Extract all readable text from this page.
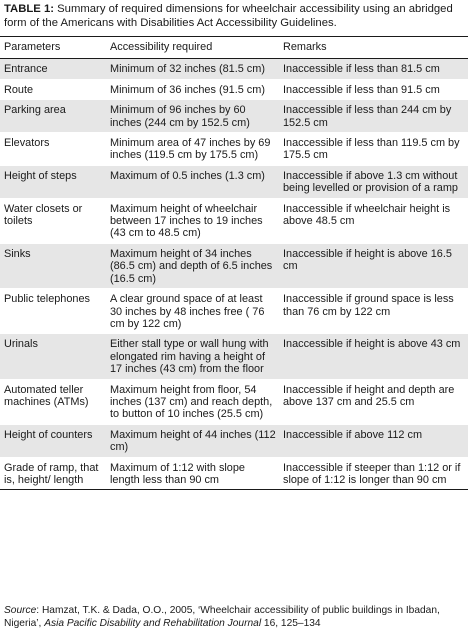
TABLE 1: Summary of required dimensions for wheelchair accessibility using an abridged form of the Americans with Disabilities Act Accessibility Guidelines.
Parameters	Accessibility required	Remarks
Entrance	Minimum of 32 inches (81.5 cm)	Inaccessible if less than 81.5 cm
Route	Minimum of 36 inches (91.5 cm)	Inaccessible if less than 91.5 cm
Parking area	Minimum of 96 inches by 60 inches (244 cm by 152.5 cm)	Inaccessible if less than 244 cm by 152.5 cm
Elevators	Minimum area of 47 inches by 69 inches (119.5 cm by 175.5 cm)	Inaccessible if less than 119.5 cm by 175.5 cm
Height of steps	Maximum of 0.5 inches (1.3 cm)	Inaccessible if above 1.3 cm without being levelled or provision of a ramp
Water closets or toilets	Maximum height of wheelchair between 17 inches to 19 inches (43 cm to 48.5 cm)	Inaccessible if wheelchair height is above 48.5 cm
Sinks	Maximum height of 34 inches (86.5 cm) and depth of 6.5 inches (16.5 cm)	Inaccessible if height is above 16.5 cm
Public telephones	A clear ground space of at least 30 inches by 48 inches free ( 76 cm by 122 cm)	Inaccessible if ground space is less than 76 cm by 122 cm
Urinals	Either stall type or wall hung with elongated rim having a height of 17 inches (43 cm) from the floor	Inaccessible if height is above 43 cm
Automated teller machines (ATMs)	Maximum height from floor, 54 inches (137 cm) and reach depth, to button of 10 inches (25.5 cm)	Inaccessible if height and depth are above 137 cm and 25.5 cm
Height of counters	Maximum height of 44 inches (112 cm)	Inaccessible if above 112 cm
Grade of ramp, that is, height/ length	Maximum of 1:12 with slope length less than 90 cm	Inaccessible if steeper than 1:12 or if slope of 1:12 is longer than 90 cm
Source: Hamzat, T.K. & Dada, O.O., 2005, ‘Wheelchair accessibility of public buildings in Ibadan, Nigeria’, Asia Pacific Disability and Rehabilitation Journal 16, 125–134
